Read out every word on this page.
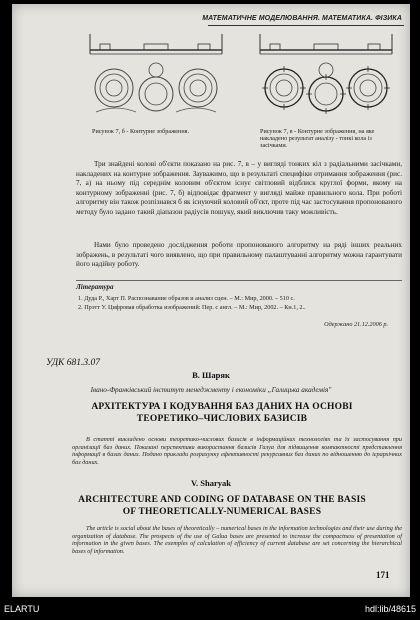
МАТЕМАТИЧНЕ МОДЕЛЮВАННЯ. МАТЕМАТИКА. ФІЗИКА
Рисунок 7, б - Контурне зображення.	Рисунок 7, в - Контурне зображення, на яке накладено результат аналізу - тонкі кола із засічками.
Три знайдені колові об'єкти показано на рис. 7, в – у вигляді тонких кіл з радіальними засічками, накладених на контурне зображення. Зауважимо, що в результаті специфіки отримання зображення (рис. 7, а) на ньому під середнім коловим об'єктом існує світловий відблиск круглої форми, якому на контурному зображенні (рис. 7, б) відповідає фрагмент у вигляді майже правильного кола. При роботі алгоритму він також розпізнався б як існуючий коловий об'єкт, проте під час застосування пропонованого методу було задано такий діапазон радіусів пошуку, який виключив таку можливість.
Нами було проведено дослідження роботи пропонованого алгоритму на ряді інших реальних зображень, в результаті чого виявлено, що при правильному палаштуванні алгоритму можна гарантувати його надійну роботу.
Література
1. Дуда Р., Харт П. Распознавание образов и анализ сцен. – М.: Мир, 2000. – 510 с.
2. Прэтт У. Цифровая обработка изображений: Пер. с англ. – М.: Мир, 2002. – Кн.1, 2..
Одержано 21.12.2006 р.
УДК 681.3.07
В. Шаряк
Івано-Франківський інститут менеджменту і економіки „Галицька академія"
АРХІТЕКТУРА І КОДУВАННЯ БАЗ ДАНИХ НА ОСНОВІ ТЕОРЕТИКО–ЧИСЛОВИХ БАЗИСІВ
В статті викладено основи теоретико-числових базисів в інформаційних технологіях та їх застосування при організації баз даних. Показані перспективи використання базисів Галуа для підвищення компактності представлення інформації в базах даних. Подано приклади розрахунку ефективності рекурсивних баз даних по відношенню до ієрархічних баз даних.
V. Sharyak
ARCHITECTURE AND CODING OF DATABASE ON THE BASIS OF THEORETICALLY-NUMERICAL BASES
The article is social about the bases of theoretically – numerical bases in the information technologies and their use during the organization of database. The prospects of the use of Galua bases are presented to increase the compactness of presentation of information in the given bases. The exemples of calculation of efficiency of current database are set concerning the hierarchical bases of information.
171
ELARTU	hdl:lib/48615
